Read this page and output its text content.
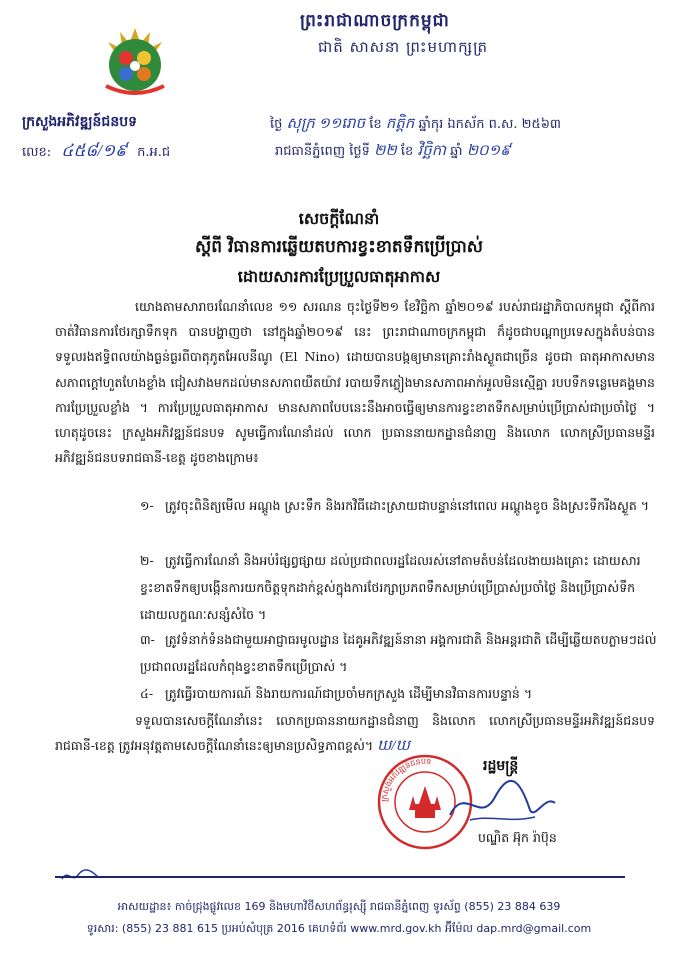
ព្រះរាជាណាចក្រកម្ពុជា
ជាតិ សាសនា ព្រះមហាក្សត្រ
ក្រសួងអភិវឌ្ឍន៍ជនបទ
លេខ: ៤៥៨/១៩ ក.អ.ជ
ថ្ងៃ សុក្រ ១១រោច ខែ កត្ដិក ឆ្នាំកុរ ឯកស័ក ព.ស. ២៥៦៣
រាជធានីភ្នំពេញ ថ្ងៃទី ២២ ខែ វិច្ឆិកា ឆ្នាំ ២០១៩
សេចក្ដីណែនាំ
ស្ដីពី វិធានការឆ្លើយតបការខ្វះខាតទឹកប្រើប្រាស់
ដោយសារការប្រែប្រួលធាតុអាកាស
យោងតាមសារាចរណែនាំលេខ ១១ សរណន ចុះថ្ងៃទី២១ ខែវិច្ឆិកា ឆ្នាំ២០១៩ របស់រាជរដ្ឋាភិបាលកម្ពុជា ស្ដីពីការចាត់វិធានការថែរក្សាទឹកទុក បានបង្ហាញថា នៅក្នុងឆ្នាំ២០១៩ នេះ ព្រះរាជាណាចក្រកម្ពុជា ក៏ដូចជាបណ្ដាប្រទេសក្នុងតំបន់បានទទួលរងឥទ្ធិពលយ៉ាងធ្ងន់ធ្ងរពីបាតុភូតអែលនីណូ (El Nino) ដោយបានបង្កឲ្យមានគ្រោះរាំងស្ងួតជាច្រើន ដូចជា ធាតុអាកាសមានសភាពក្ដៅហួតហែងខ្លាំង ជៀសវាងមកដល់មានសភាពយឺតយ៉ាវ របាយទឹកភ្លៀងមានសភាពអាក់អួលមិនស្មើគ្នា របបទឹកទន្លេមេគង្គមានការប្រែប្រួលខ្លាំង ។ ការប្រែប្រួលធាតុអាកាស មានសភាពបែបនេះនឹងអាចធ្វើឲ្យមានការខ្វះខាតទឹកសម្រាប់ប្រើប្រាស់ជាប្រចាំថ្ងៃ ។ ហេតុដូចនេះ ក្រសួងអភិវឌ្ឍន៍ជនបទ សូមធ្វើការណែនាំដល់ លោក ប្រធាននាយកដ្ឋានជំនាញ និងលោក លោកស្រីប្រធានមន្ទីរអភិវឌ្ឍន៍ជនបទរាជធានី-ខេត្ត ដូចខាងក្រោម៖
១- ត្រូវចុះពិនិត្យមើល អណ្ដូង ស្រះទឹក និងរកវិធីដោះស្រាយជាបន្ទាន់នៅពេល អណ្ដូងខូច និងស្រះទឹករីងស្ងួត ។
២- ត្រូវធ្វើការណែនាំ និងអប់រំផ្សព្វផ្សាយ ដល់ប្រជាពលរដ្ឋដែលរស់នៅតាមតំបន់ដែលងាយរងគ្រោះ ដោយសារខ្វះខាតទឹកឲ្យបង្កើនការយកចិត្តទុកដាក់ខ្ពស់ក្នុងការថែរក្សាប្រភពទឹកសម្រាប់ប្រើប្រាស់ប្រចាំថ្ងៃ និងប្រើប្រាស់ទឹកដោយលក្ខណៈសន្សំសំចៃ ។
៣- ត្រូវទំនាក់ទំនងជាមួយអាជ្ញាធរមូលដ្ឋាន ដៃគូអភិវឌ្ឍន៍នានា អង្គការជាតិ និងអន្តរជាតិ ដើម្បីឆ្លើយតបភ្លាមៗដល់ប្រជាពលរដ្ឋដែលកំពុងខ្វះខាតទឹកប្រើប្រាស់ ។
៤- ត្រូវធ្វើរបាយការណ៍ និងរាយការណ៍ជាប្រចាំមកក្រសួង ដើម្បីមានវិធានការបន្ទាន់ ។
ទទួលបានសេចក្ដីណែនាំនេះ លោកប្រធាននាយកដ្ឋានជំនាញ និងលោក លោកស្រីប្រធានមន្ទីរអភិវឌ្ឍន៍ជនបទរាជធានី-ខេត្ត ត្រូវអនុវត្តតាមសេចក្ដីណែនាំនេះឲ្យមានប្រសិទ្ធភាពខ្ពស់។ ឃ/ឃ
រដ្ឋមន្ត្រី
ក្រសួងអភិវឌ្ឍន៍ជនបទ
បណ្ឌិត អ៊ុក រ៉ាប៊ុន
អាសយដ្ឋាន៖ កាច់ជ្រុងផ្លូវលេខ 169 និងមហាវិថីសហព័ន្ធរុស្ស៊ី រាជធានីភ្នំពេញ ទូរស័ព្ទ (855) 23 884 639
ទូរសារ: (855) 23 881 615 ប្រអប់សំបុត្រ 2016 គេហទំព័រ www.mrd.gov.kh អ៊ីម៉ែល dap.mrd@gmail.com
